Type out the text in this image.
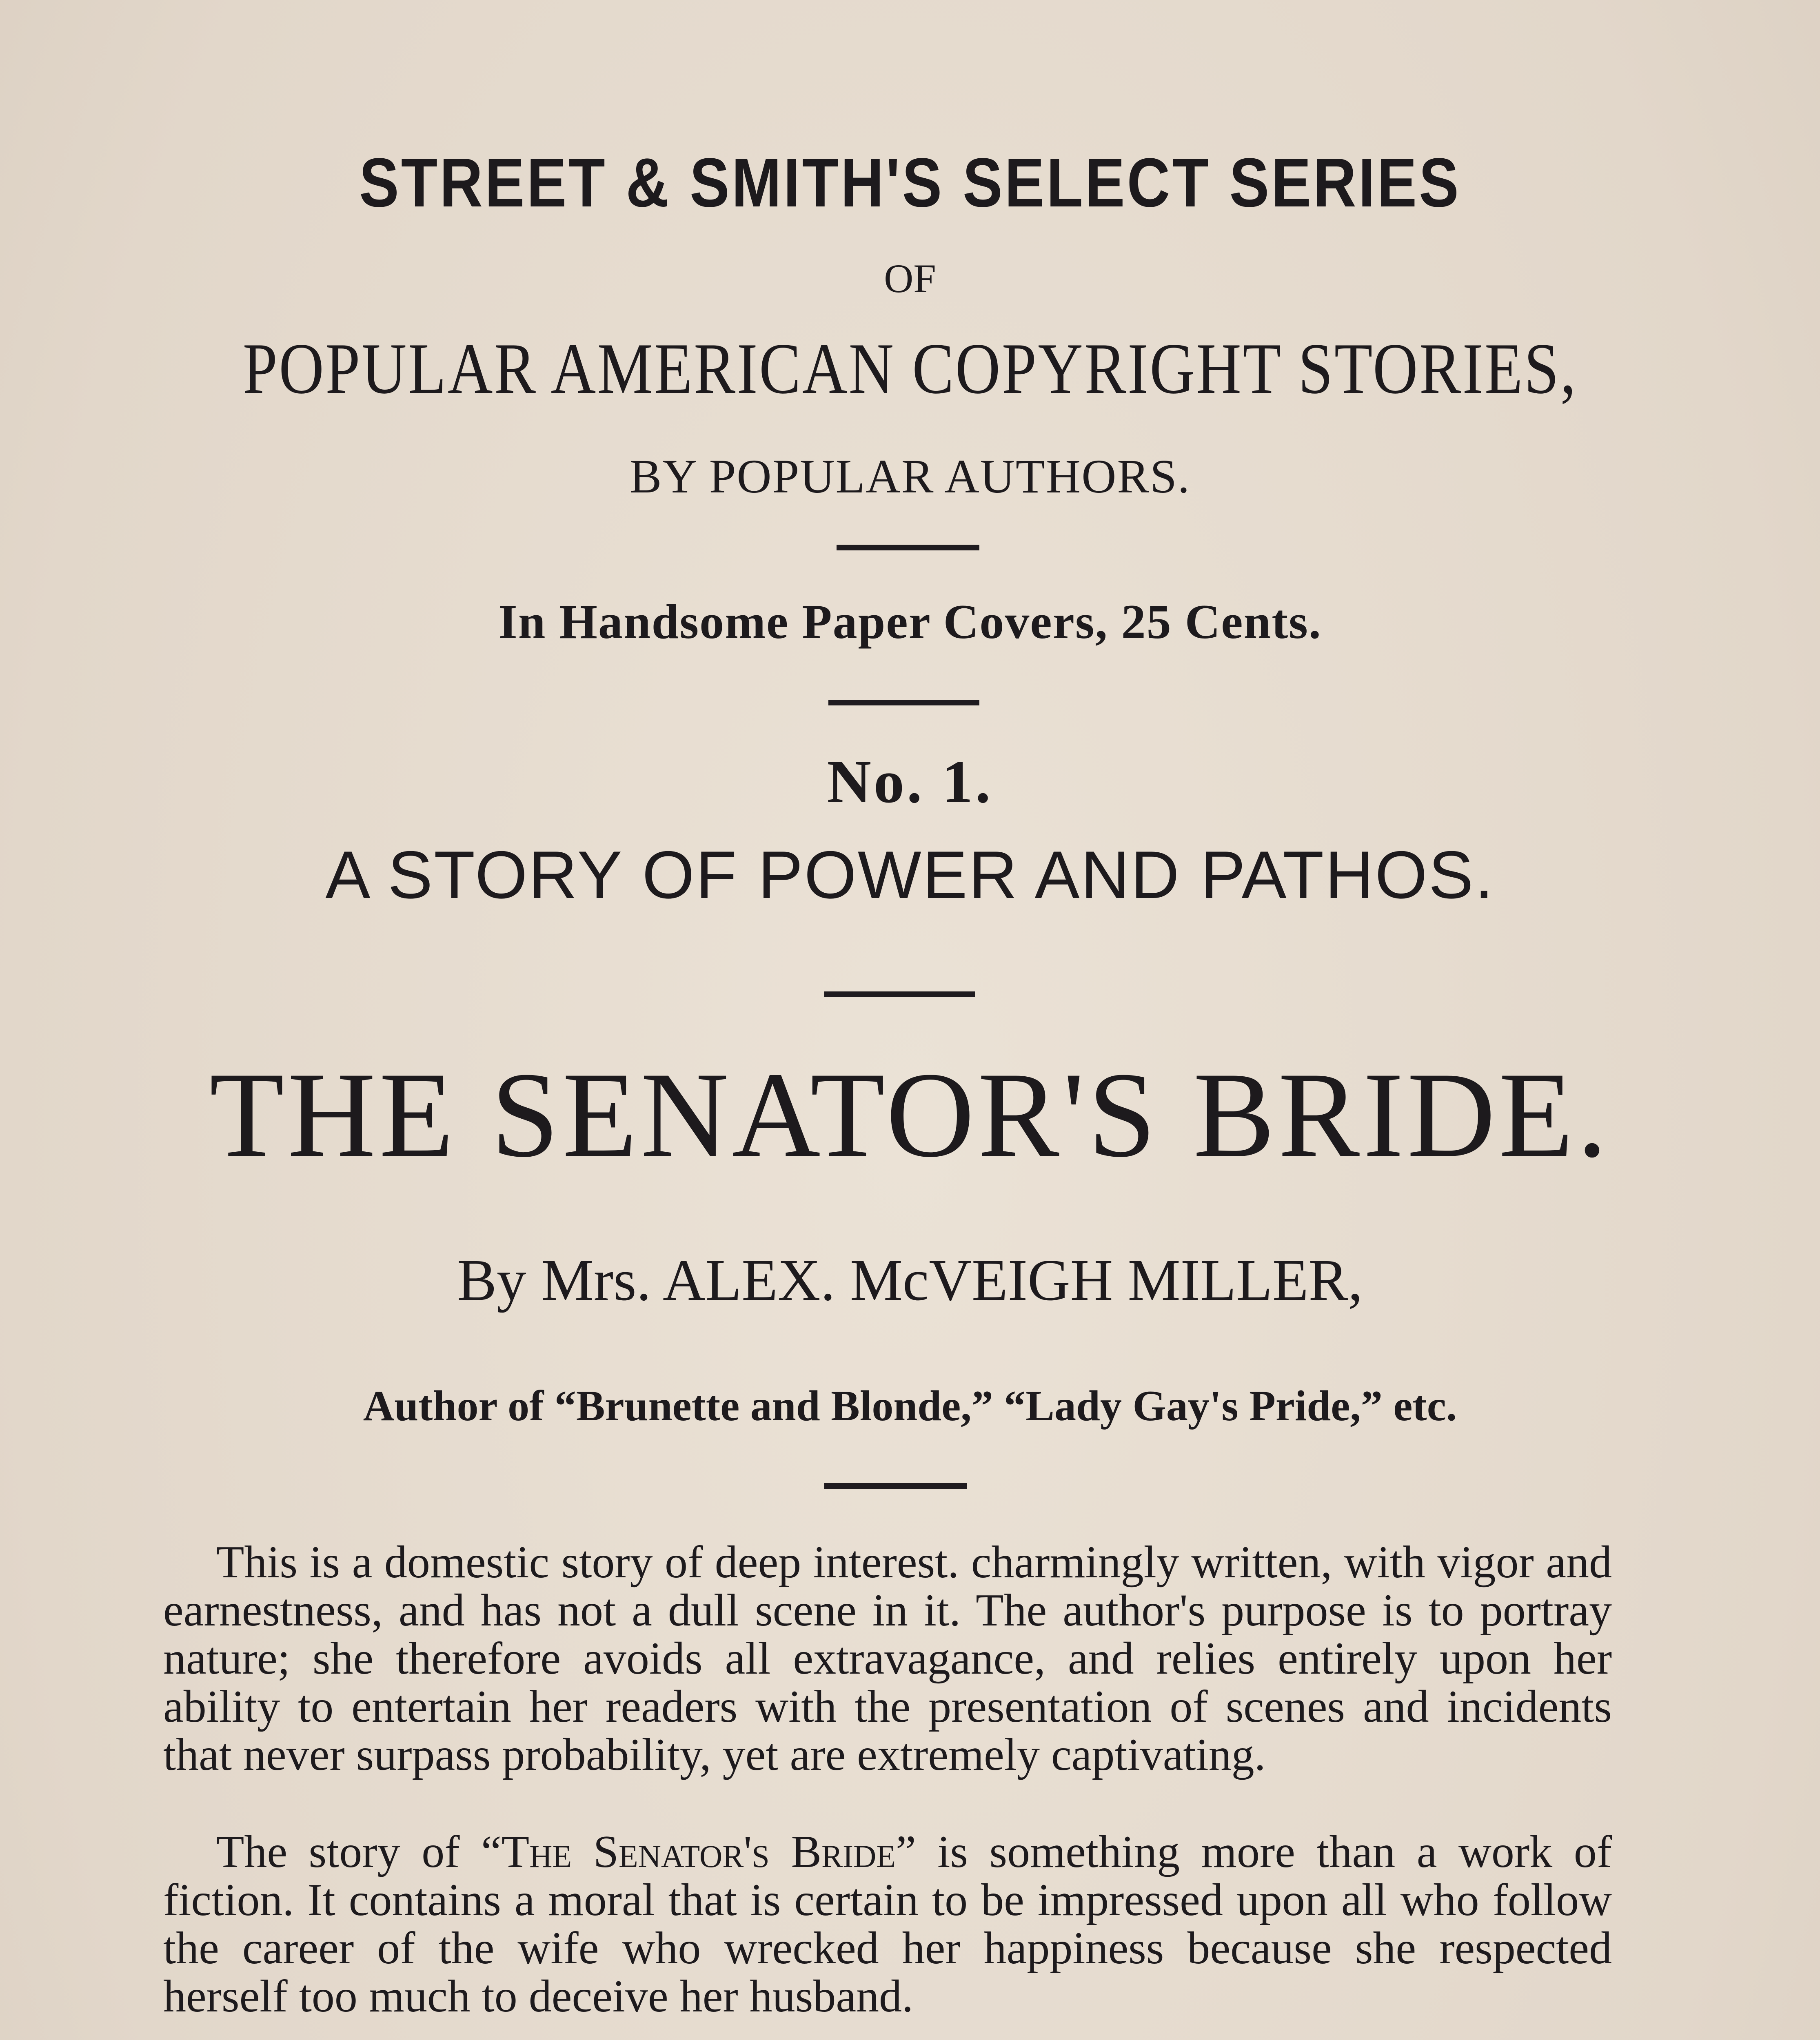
STREET & SMITH'S SELECT SERIES
OF
POPULAR AMERICAN COPYRIGHT STORIES,
BY POPULAR AUTHORS.
In Handsome Paper Covers, 25 Cents.
No. 1.
A STORY OF POWER AND PATHOS.
THE SENATOR'S BRIDE.
By Mrs. ALEX. McVEIGH MILLER,
Author of “Brunette and Blonde,” “Lady Gay's Pride,” etc.

This is a domestic story of deep interest. charmingly written, with vigor and earnestness, and has not a dull scene in it. The author's purpose is to portray nature; she therefore avoids all extravagance, and relies entirely upon her ability to entertain her readers with the presentation of scenes and incidents that never surpass probability, yet are extremely captivating.

The story of “The Senator's Bride” is something more than a work of fiction. It contains a moral that is certain to be impressed upon all who follow the career of the wife who wrecked her happiness because she respected herself too much to deceive her husband.
